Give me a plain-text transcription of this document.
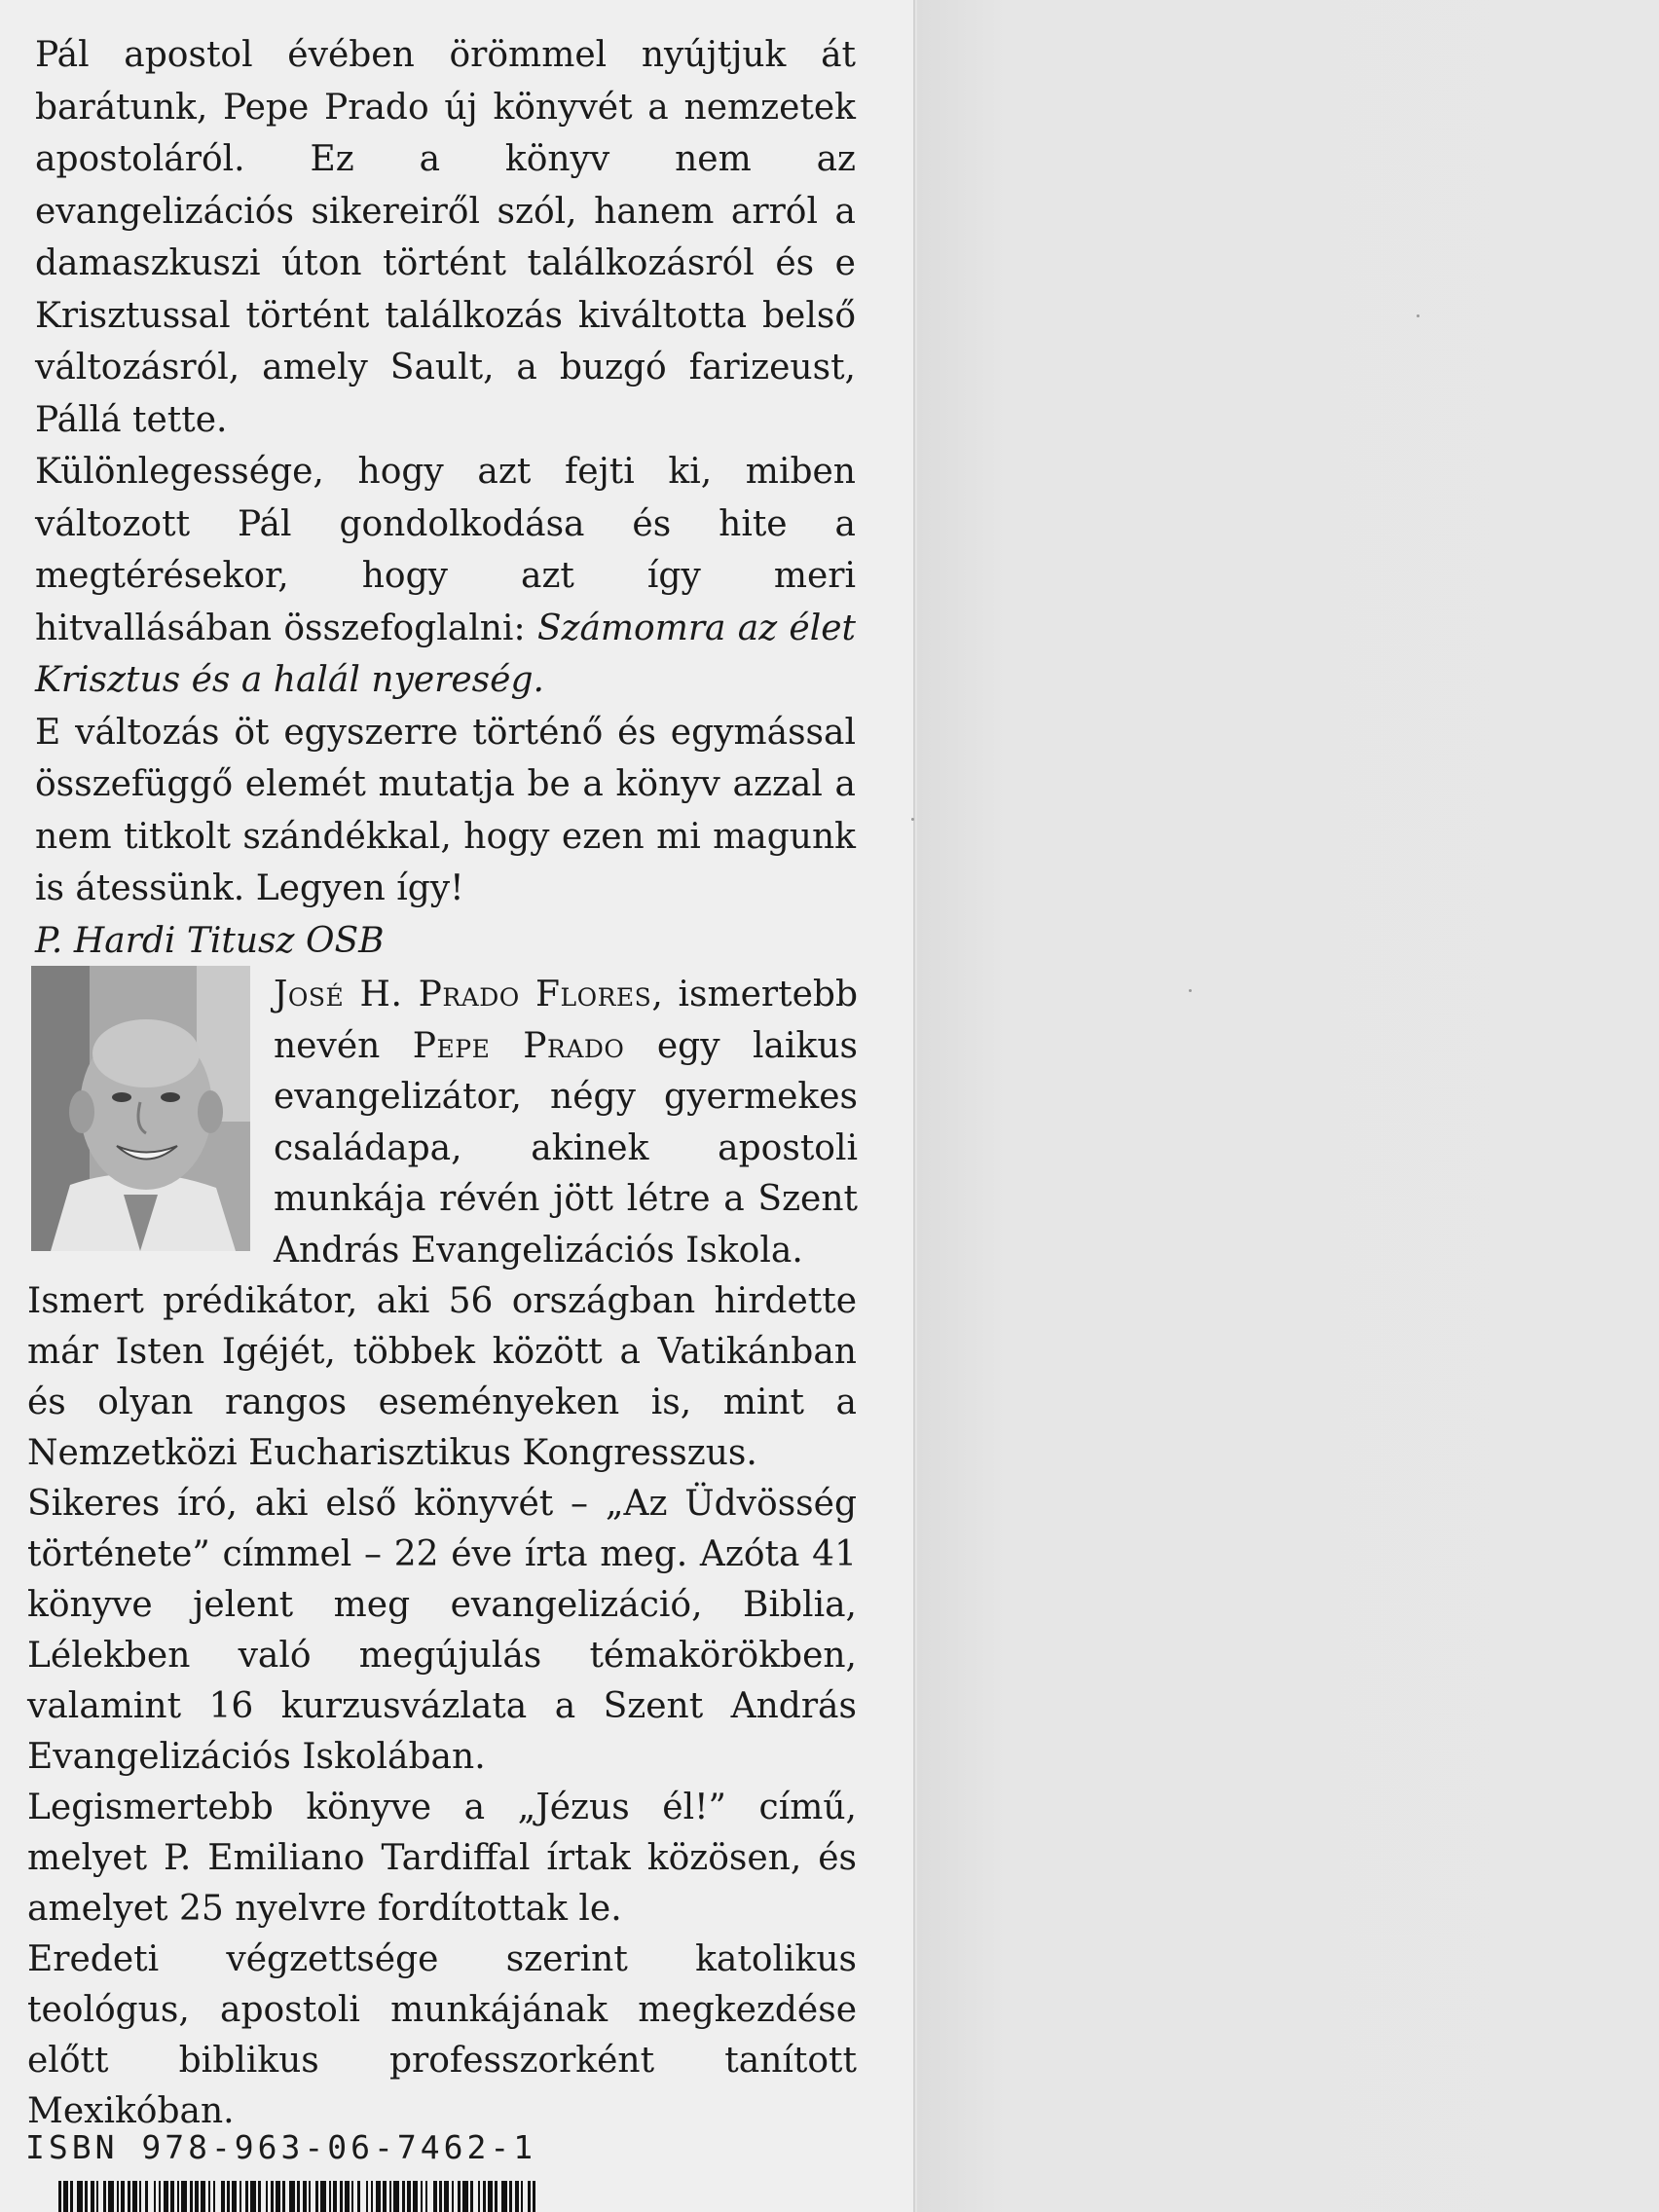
Pál apostol évében örömmel nyújtjuk át barátunk, Pepe Prado új könyvét a nemzetek apostoláról. Ez a könyv nem az evangelizációs sikereiről szól, hanem arról a damaszkuszi úton történt találkozásról és e Krisztussal történt találkozás kiváltotta belső változásról, amely Sault, a buzgó farizeust, Pállá tette.

Különlegessége, hogy azt fejti ki, miben változott Pál gondolkodása és hite a megtérésekor, hogy azt így meri hitvallásában összefoglalni: Számomra az élet Krisztus és a halál nyereség.

E változás öt egyszerre történő és egymással összefüggő elemét mutatja be a könyv azzal a nem titkolt szándékkal, hogy ezen mi magunk is átessünk. Legyen így!

P. Hardi Titusz OSB

José H. Prado Flores, ismertebb nevén Pepe Prado egy laikus evangelizátor, négy gyermekes családapa, akinek apostoli munkája révén jött létre a Szent András Evangelizációs Iskola.

Ismert prédikátor, aki 56 országban hirdette már Isten Igéjét, többek között a Vatikánban és olyan rangos eseményeken is, mint a Nemzetközi Eucharisztikus Kongresszus.

Sikeres író, aki első könyvét – „Az Üdvösség története” címmel – 22 éve írta meg. Azóta 41 könyve jelent meg evangelizáció, Biblia, Lélekben való megújulás témakörökben, valamint 16 kurzusvázlata a Szent András Evangelizációs Iskolában.

Legismertebb könyve a „Jézus él!” című, melyet P. Emiliano Tardiffal írtak közösen, és amelyet 25 nyelvre fordítottak le.

Eredeti végzettsége szerint katolikus teológus, apostoli munkájának megkezdése előtt biblikus professzorként tanított Mexikóban.

ISBN 978-963-06-7462-1
